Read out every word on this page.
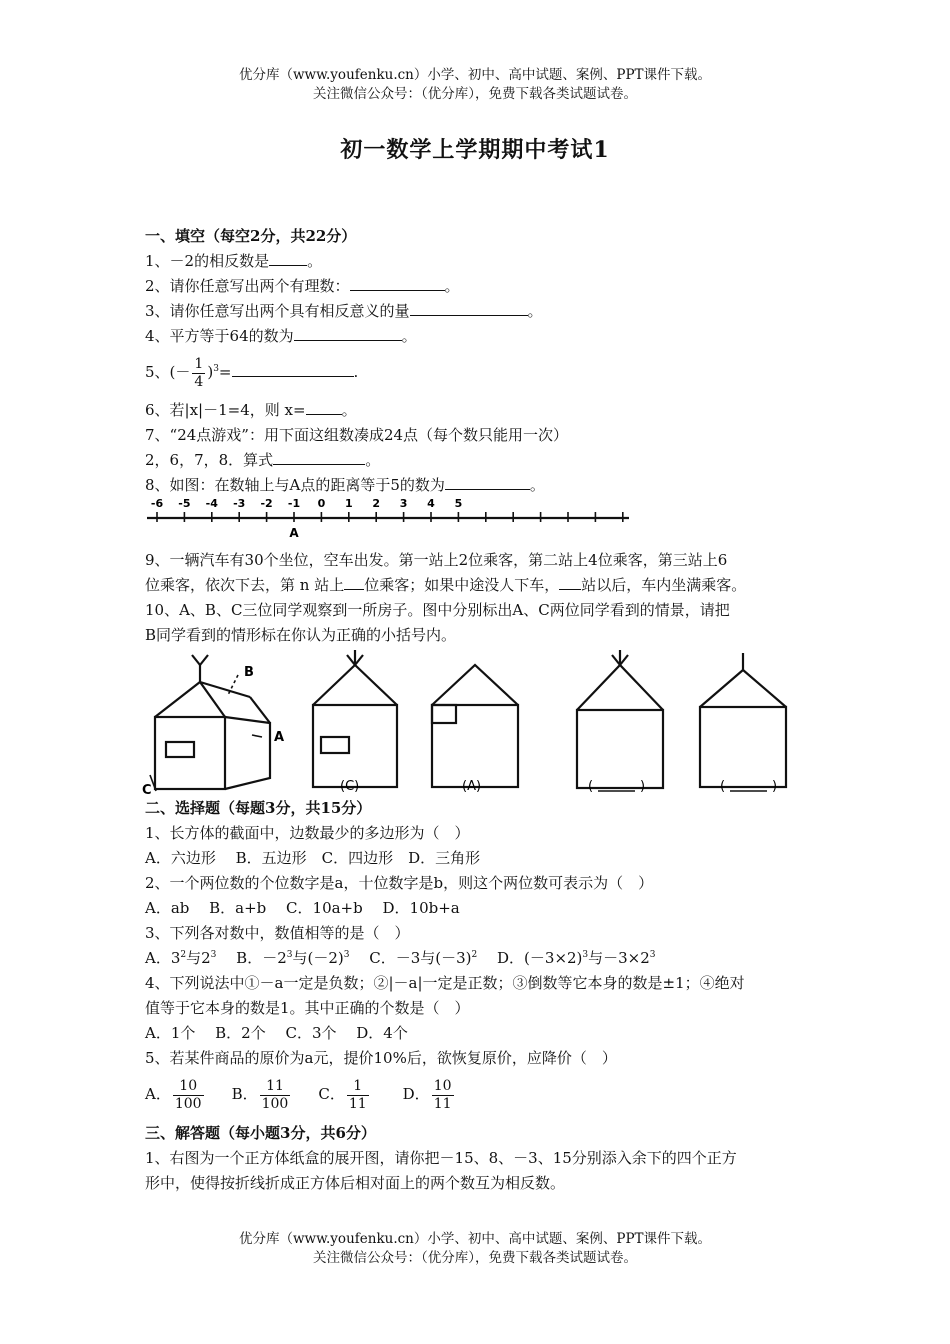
优分库（www.youfenku.cn）小学、初中、高中试题、案例、PPT课件下载。
关注微信公众号：（优分库），免费下载各类试题试卷。
初一数学上学期期中考试1
一、填空（每空2分，共22分）
1、－2的相反数是	。
2、请你任意写出两个有理数：	。
3、请你任意写出两个具有相反意义的量	。
4、平方等于64的数为	。
5、(－ $\frac{1}{4} )^3=$	.
6、若|x|－1=4，则 x= 。
7、“24点游戏”：用下面这组数凑成24点（每个数只能用一次）
2，6，7，8．算式	。
8、如图：在数轴上与A点的距离等于5的数为	。
-6 -5 -4 -3 -2 -1 0 1 2 3 4 5
A
9、一辆汽车有30个坐位，空车出发。第一站上2位乘客，第二站上4位乘客，第三站上6
位乘客，依次下去，第 n 站上 位乘客；如果中途没人下车， 站以后，车内坐满乘客。
10、A、B、C三位同学观察到一所房子。图中分别标出A、C两位同学看到的情景，请把
B同学看到的情形标在你认为正确的小括号内。
B
A
C	(C)	(A)	(	)	(	)
二、选择题（每题3分，共15分）
1、长方体的截面中，边数最少的多边形为（　）
A．六边形　 B．五边形　C．四边形　D．三角形
2、一个两位数的个位数字是a，十位数字是b，则这个两位数可表示为（　）
A．ab　 B．a+b　 C．10a+b　 D．10b+a
3、下列各对数中，数值相等的是（　）
A．$3^2$与$2^3$　 B．$-2^3$与$(-2)^3$　 C．－3与$(-3)^2$　 D．$(-3\times 2)^3$与$-3\times 2^3$
4、下列说法中①－a一定是负数；②|－a|一定是正数；③倒数等它本身的数是±1；④绝对
值等于它本身的数是1。其中正确的个数是（　）
A．1个　 B．2个　 C．3个　 D．4个
5、若某件商品的原价为a元，提价10%后，欲恢复原价，应降价（　）
A． $\frac{10}{100}$ B． $\frac{11}{100}$ C． $\frac{1}{11}$ D． $\frac{10}{11}$
三、解答题（每小题3分，共6分）
1、右图为一个正方体纸盒的展开图，请你把－15、8、－3、15分别添入余下的四个正方
形中，使得按折线折成正方体后相对面上的两个数互为相反数。
优分库（www.youfenku.cn）小学、初中、高中试题、案例、PPT课件下载。
关注微信公众号：（优分库），免费下载各类试题试卷。
